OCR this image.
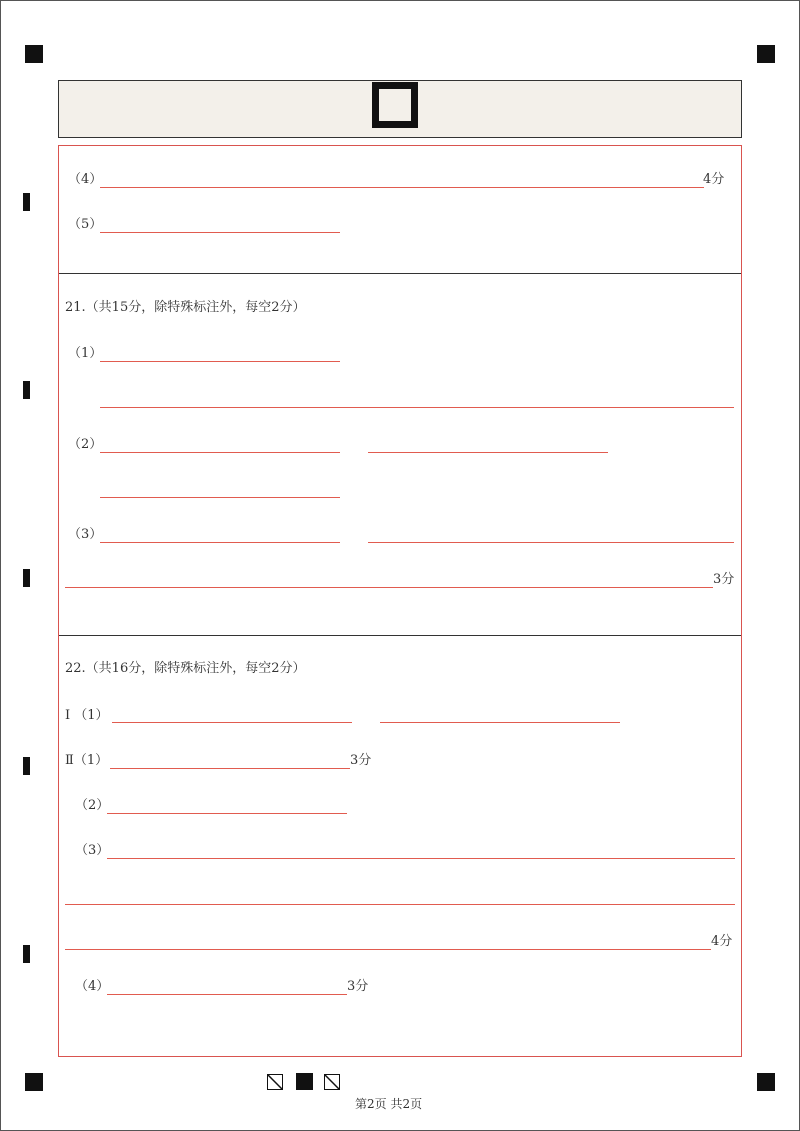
（4）	4分
（5）
21.（共15分，除特殊标注外，每空2分）
（1）
（2）
（3）
3分
22.（共16分，除特殊标注外，每空2分）
Ⅰ （1）
Ⅱ（1）	3分
（2）
（3）
4分
（4）	3分
第2页 共2页
